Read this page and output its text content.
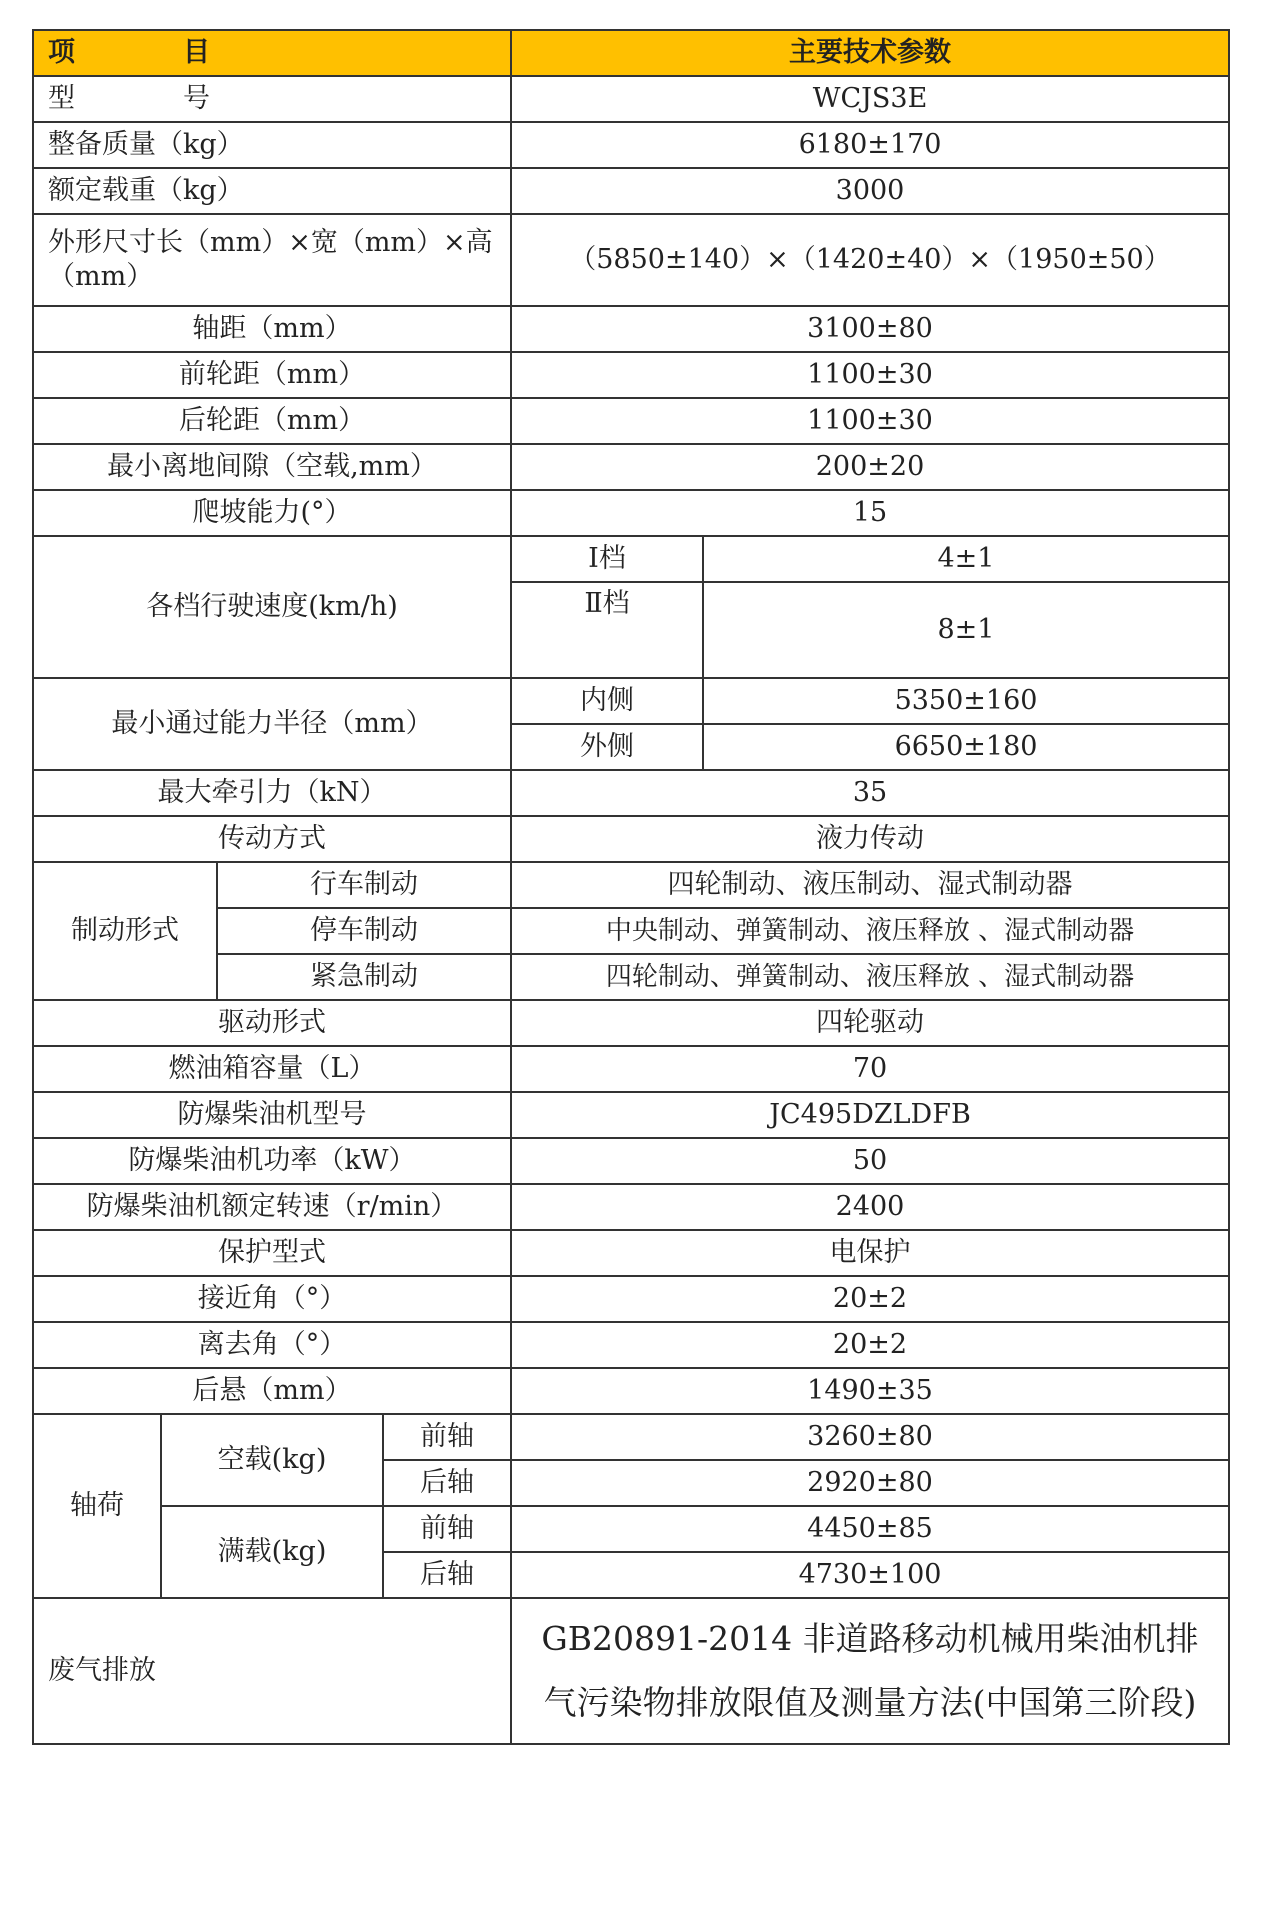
项　　　　目				主要技术参数	
型　　　　号				WCJS3E	
整备质量（kg）				6180±170	
额定载重（kg）				3000	
外形尺寸长（mm）×宽（mm）×高（mm）				（5850±140）×（1420±40）×（1950±50）	
轴距（mm）				3100±80	
前轮距（mm）				1100±30	
后轮距（mm）				1100±30	
最小离地间隙（空载,mm）				200±20	
爬坡能力(°）				15	
各档行驶速度(km/h)				Ⅰ档	4±1
				Ⅱ档	8±1
最小通过能力半径（mm）				内侧	5350±160
				外侧	6650±180
最大牵引力（kN）				35	
传动方式				液力传动	
制动形式		行车制动		四轮制动、液压制动、湿式制动器	
		停车制动		中央制动、弹簧制动、液压释放 、湿式制动器	
		紧急制动		四轮制动、弹簧制动、液压释放 、湿式制动器	
驱动形式				四轮驱动	
燃油箱容量（L）				70	
防爆柴油机型号				JC495DZLDFB	
防爆柴油机功率（kW）				50	
防爆柴油机额定转速（r/min）				2400	
保护型式				电保护	
接近角（°）				20±2	
离去角（°）				20±2	
后悬（mm）				1490±35	
轴荷	空载(kg)		前轴	3260±80	
			后轴	2920±80	
	满载(kg)		前轴	4450±85	
			后轴	4730±100	
废气排放				GB20891-2014 非道路移动机械用柴油机排气污染物排放限值及测量方法(中国第三阶段)	
